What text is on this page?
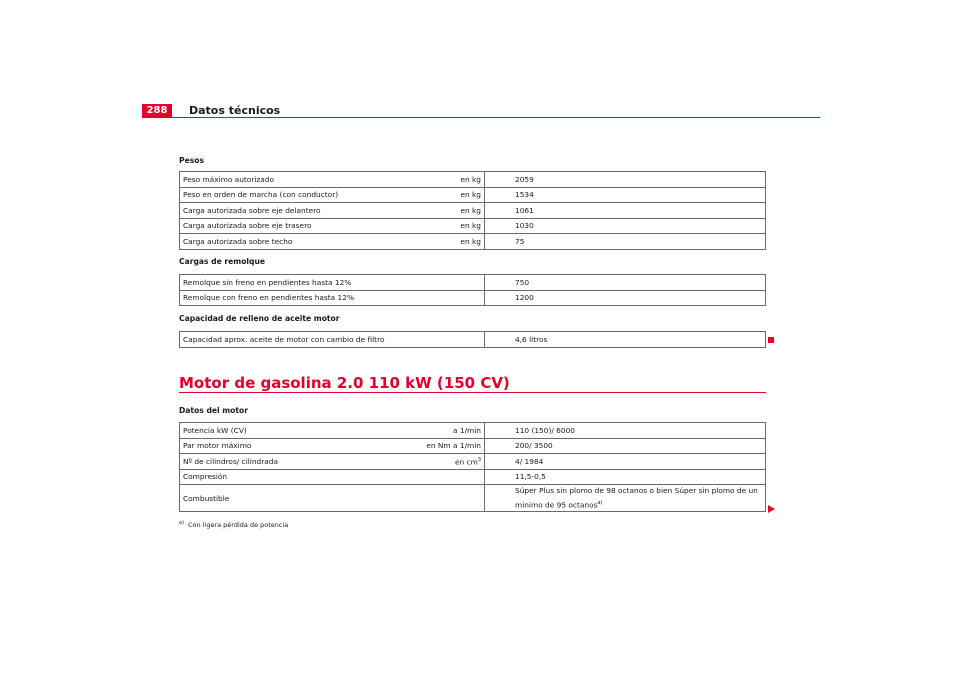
288	Datos técnicos
Pesos
Peso máximo autorizado	en kg	2059
Peso en orden de marcha (con conductor)	en kg	1534
Carga autorizada sobre eje delantero	en kg	1061
Carga autorizada sobre eje trasero	en kg	1030
Carga autorizada sobre techo	en kg	75
Cargas de remolque
Remolque sin freno en pendientes hasta 12%	750
Remolque con freno en pendientes hasta 12%	1200
Capacidad de relleno de aceite motor
Capacidad aprox. aceite de motor con cambio de filtro	4,6 litros
Motor de gasolina 2.0 110 kW (150 CV)
Datos del motor
Potencia kW (CV)	a 1/min	110 (150)/ 6000
Par motor máximo	en Nm a 1/min	200/ 3500
Nº de cilindros/ cilindrada	en $cm^3$	4/ 1984
Compresión		11,5-0,5
Combustible		Súper Plus sin plomo de 98 octanos o bien Súper sin plomo de un mínimo de 95 octanos$^{a)}$
$^{a)}$ Con ligera pérdida de potencia
